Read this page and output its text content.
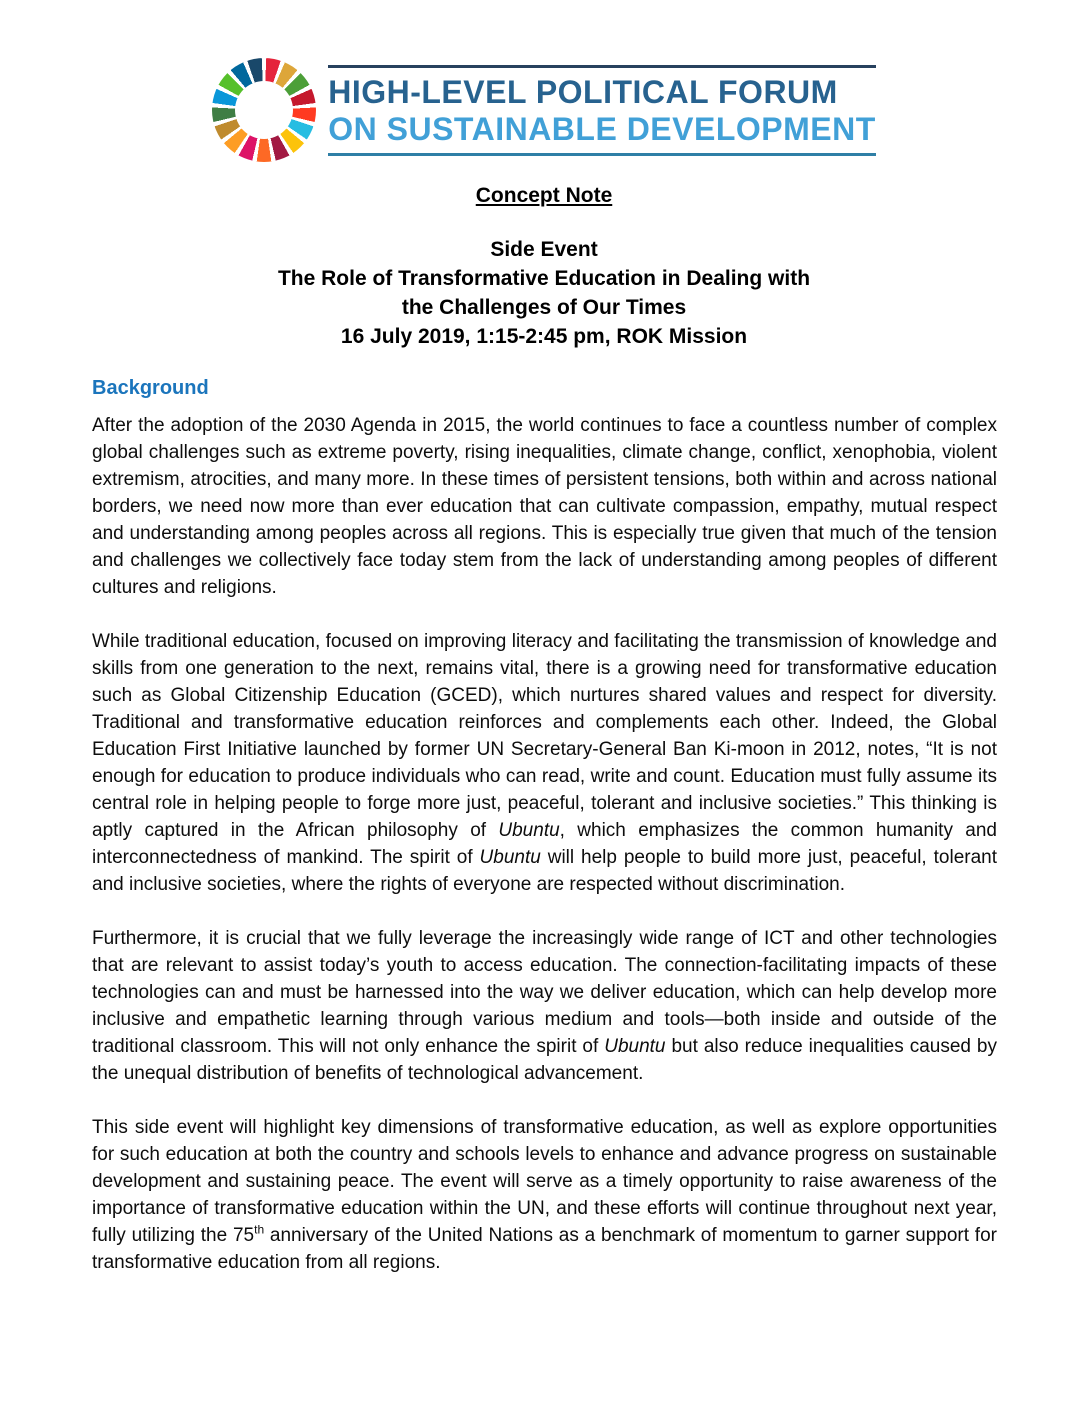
HIGH-LEVEL POLITICAL FORUM
ON SUSTAINABLE DEVELOPMENT
Concept Note
Side Event
The Role of Transformative Education in Dealing with
the Challenges of Our Times
16 July 2019, 1:15-2:45 pm, ROK Mission
Background

After the adoption of the 2030 Agenda in 2015, the world continues to face a countless number of complex global challenges such as extreme poverty, rising inequalities, climate change, conflict, xenophobia, violent extremism, atrocities, and many more. In these times of persistent tensions, both within and across national borders, we need now more than ever education that can cultivate compassion, empathy, mutual respect and understanding among peoples across all regions. This is especially true given that much of the tension and challenges we collectively face today stem from the lack of understanding among peoples of different cultures and religions.

While traditional education, focused on improving literacy and facilitating the transmission of knowledge and skills from one generation to the next, remains vital, there is a growing need for transformative education such as Global Citizenship Education (GCED), which nurtures shared values and respect for diversity. Traditional and transformative education reinforces and complements each other. Indeed, the Global Education First Initiative launched by former UN Secretary-General Ban Ki-moon in 2012, notes, “It is not enough for education to produce individuals who can read, write and count. Education must fully assume its central role in helping people to forge more just, peaceful, tolerant and inclusive societies.” This thinking is aptly captured in the African philosophy of Ubuntu, which emphasizes the common humanity and interconnectedness of mankind. The spirit of Ubuntu will help people to build more just, peaceful, tolerant and inclusive societies, where the rights of everyone are respected without discrimination.

Furthermore, it is crucial that we fully leverage the increasingly wide range of ICT and other technologies that are relevant to assist today’s youth to access education. The connection-facilitating impacts of these technologies can and must be harnessed into the way we deliver education, which can help develop more inclusive and empathetic learning through various medium and tools—both inside and outside of the traditional classroom. This will not only enhance the spirit of Ubuntu but also reduce inequalities caused by the unequal distribution of benefits of technological advancement.

This side event will highlight key dimensions of transformative education, as well as explore opportunities for such education at both the country and schools levels to enhance and advance progress on sustainable development and sustaining peace. The event will serve as a timely opportunity to raise awareness of the importance of transformative education within the UN, and these efforts will continue throughout next year, fully utilizing the 75th anniversary of the United Nations as a benchmark of momentum to garner support for transformative education from all regions.
